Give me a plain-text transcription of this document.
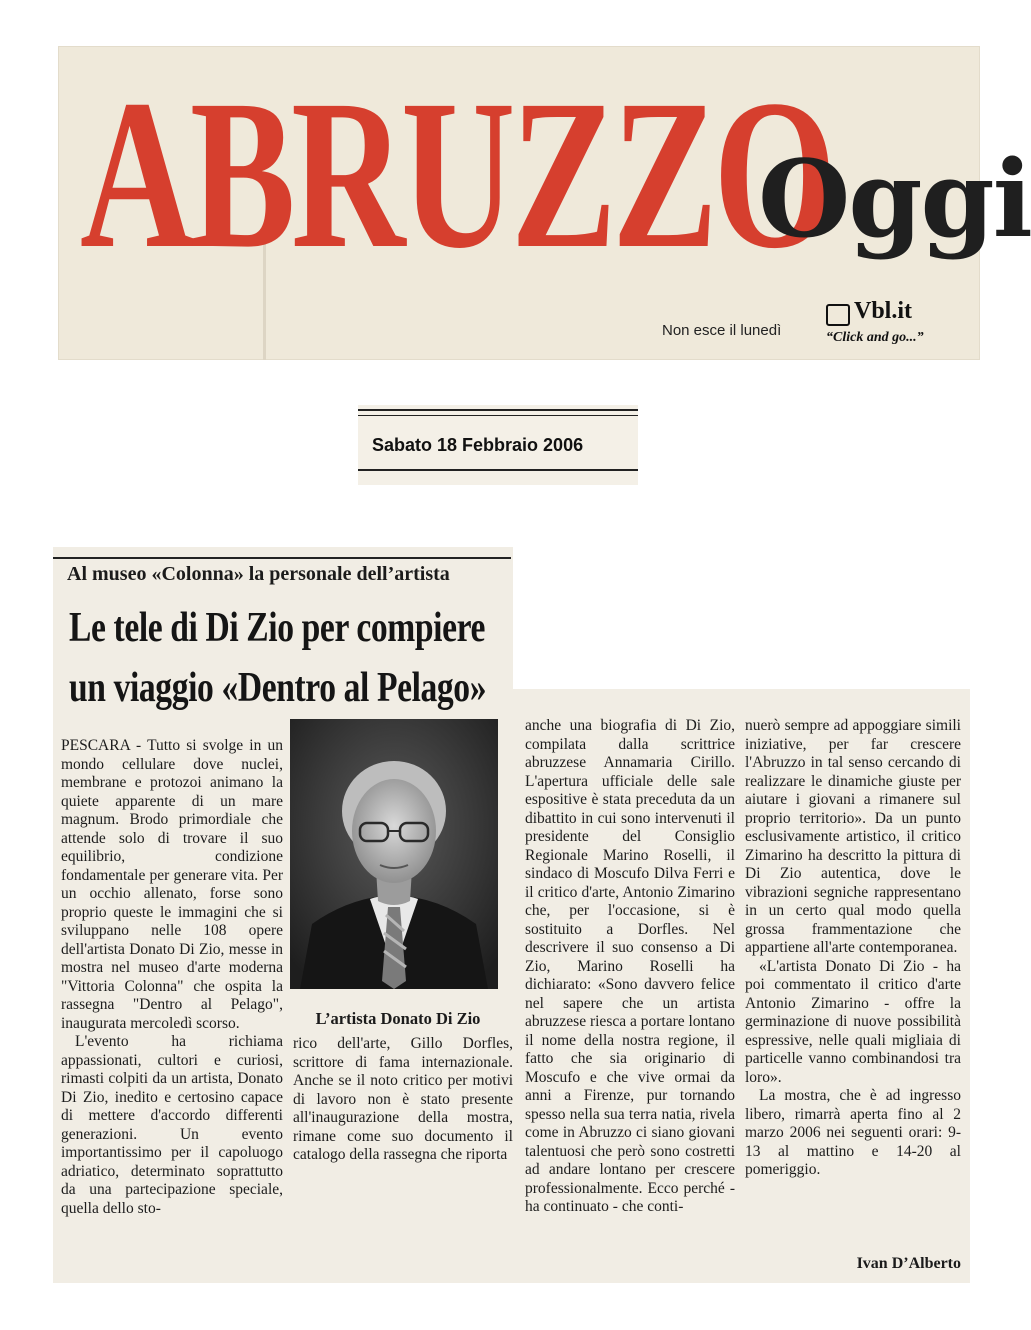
ABRUZZO
Oggi
Non esce il lunedì
Vbl.it
“Click and go...”
Sabato 18 Febbraio 2006
Al museo «Colonna» la personale dell’artista
Le tele di Di Zio per compiere
un viaggio «Dentro al Pelago»

PESCARA - Tutto si svolge in un mondo cellulare dove nuclei, membrane e protozoi animano la quiete apparente di un mare magnum. Brodo primordiale che attende solo di trovare il suo equilibrio, condizione fondamentale per generare vita. Per un occhio allenato, forse sono proprio queste le immagini che si sviluppano nelle 108 opere dell'artista Donato Di Zio, messe in mostra nel museo d'arte moderna "Vittoria Colonna" che ospita la rassegna "Dentro al Pelago", inaugurata mercoledì scorso.

L'evento ha richiama appassionati, cultori e curiosi, rimasti colpiti da un artista, Donato Di Zio, inedito e certosino capace di mettere d'accordo differenti generazioni. Un evento importantissimo per il capoluogo adriatico, determinato soprattutto da una partecipazione speciale, quella dello sto-

L’artista Donato Di Zio

rico dell'arte, Gillo Dorfles, scrittore di fama internazionale. Anche se il noto critico per motivi di lavoro non è stato presente all'inaugurazione della mostra, rimane come suo documento il catalogo della rassegna che riporta

anche una biografia di Di Zio, compilata dalla scrittrice abruzzese Annamaria Cirillo. L'apertura ufficiale delle sale espositive è stata preceduta da un dibattito in cui sono intervenuti il presidente del Consiglio Regionale Marino Roselli, il sindaco di Moscufo Dilva Ferri e il critico d'arte, Antonio Zimarino che, per l'occasione, si è sostituito a Dorfles. Nel descrivere il suo consenso a Di Zio, Marino Roselli ha dichiarato: «Sono davvero felice nel sapere che un artista abruzzese riesca a portare lontano il nome della nostra regione, il fatto che sia originario di Moscufo e che vive ormai da anni a Firenze, pur tornando spesso nella sua terra natia, rivela come in Abruzzo ci siano giovani talentuosi che però sono costretti ad andare lontano per crescere professionalmente. Ecco perché - ha continuato - che conti-

nuerò sempre ad appoggiare simili iniziative, per far crescere l'Abruzzo in tal senso cercando di realizzare le dinamiche giuste per aiutare i giovani a rimanere sul proprio territorio». Da un punto esclusivamente artistico, il critico Zimarino ha descritto la pittura di Di Zio autentica, dove le vibrazioni segniche rappresentano in un certo qual modo quella grossa frammentazione che appartiene all'arte contemporanea.

«L'artista Donato Di Zio - ha poi commentato il critico d'arte Antonio Zimarino - offre la germinazione di nuove possibilità espressive, nelle quali migliaia di particelle vanno combinandosi tra loro».

La mostra, che è ad ingresso libero, rimarrà aperta fino al 2 marzo 2006 nei seguenti orari: 9-13 al mattino e 14-20 al pomeriggio.

Ivan D’Alberto
